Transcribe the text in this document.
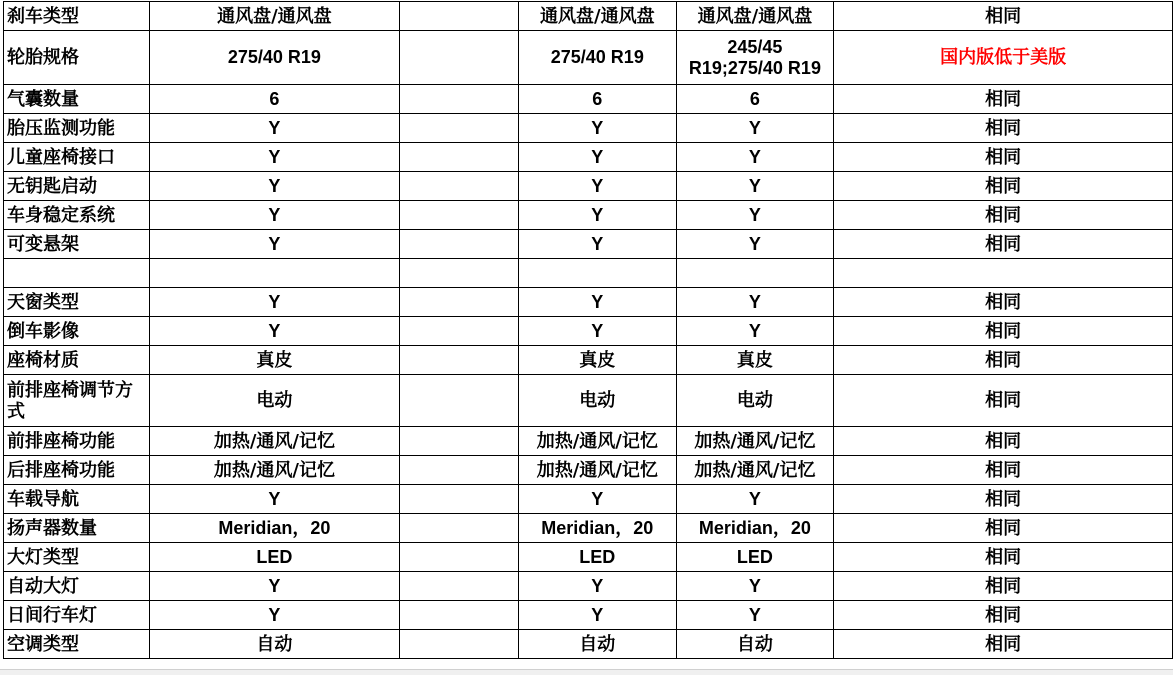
刹车类型	通风盘/通风盘		通风盘/通风盘	通风盘/通风盘	相同
轮胎规格	275/40 R19		275/40 R19	245/45 R19;275/40 R19	国内版低于美版
气囊数量	6		6	6	相同
胎压监测功能	Y		Y	Y	相同
儿童座椅接口	Y		Y	Y	相同
无钥匙启动	Y		Y	Y	相同
车身稳定系统	Y		Y	Y	相同
可变悬架	Y		Y	Y	相同

天窗类型	Y		Y	Y	相同
倒车影像	Y		Y	Y	相同
座椅材质	真皮		真皮	真皮	相同
前排座椅调节方式	电动		电动	电动	相同
前排座椅功能	加热/通风/记忆		加热/通风/记忆	加热/通风/记忆	相同
后排座椅功能	加热/通风/记忆		加热/通风/记忆	加热/通风/记忆	相同
车载导航	Y		Y	Y	相同
扬声器数量	Meridian，20		Meridian，20	Meridian，20	相同
大灯类型	LED		LED	LED	相同
自动大灯	Y		Y	Y	相同
日间行车灯	Y		Y	Y	相同
空调类型	自动		自动	自动	相同
